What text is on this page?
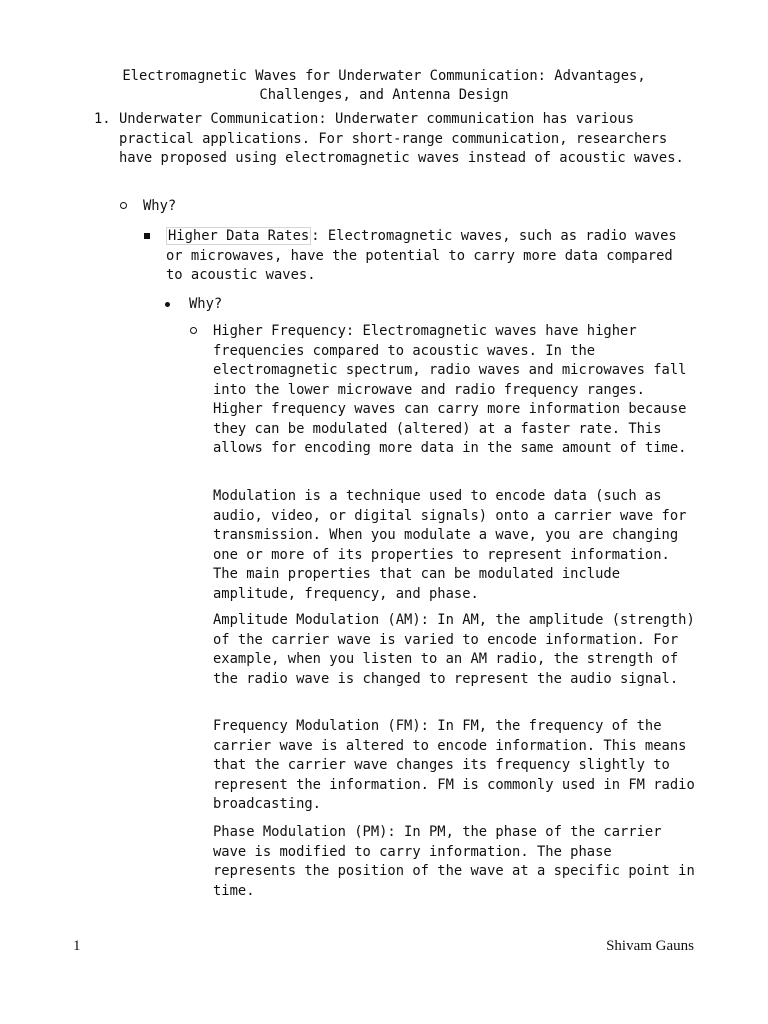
Electromagnetic Waves for Underwater Communication: Advantages, Challenges, and Antenna Design
1. Underwater Communication: Underwater communication has various practical applications. For short-range communication, researchers have proposed using electromagnetic waves instead of acoustic waves.
Why?
Higher Data Rates : Electromagnetic waves, such as radio waves or microwaves, have the potential to carry more data compared to acoustic waves.
Why?
Higher Frequency: Electromagnetic waves have higher frequencies compared to acoustic waves. In the electromagnetic spectrum, radio waves and microwaves fall into the lower microwave and radio frequency ranges. Higher frequency waves can carry more information because they can be modulated (altered) at a faster rate. This allows for encoding more data in the same amount of time.
Modulation is a technique used to encode data (such as audio, video, or digital signals) onto a carrier wave for transmission. When you modulate a wave, you are changing one or more of its properties to represent information. The main properties that can be modulated include amplitude, frequency, and phase.
Amplitude Modulation (AM): In AM, the amplitude (strength) of the carrier wave is varied to encode information. For example, when you listen to an AM radio, the strength of the radio wave is changed to represent the audio signal.
Frequency Modulation (FM): In FM, the frequency of the carrier wave is altered to encode information. This means that the carrier wave changes its frequency slightly to represent the information. FM is commonly used in FM radio broadcasting.
Phase Modulation (PM): In PM, the phase of the carrier wave is modified to carry information. The phase represents the position of the wave at a specific point in time.
1	Shivam Gauns
